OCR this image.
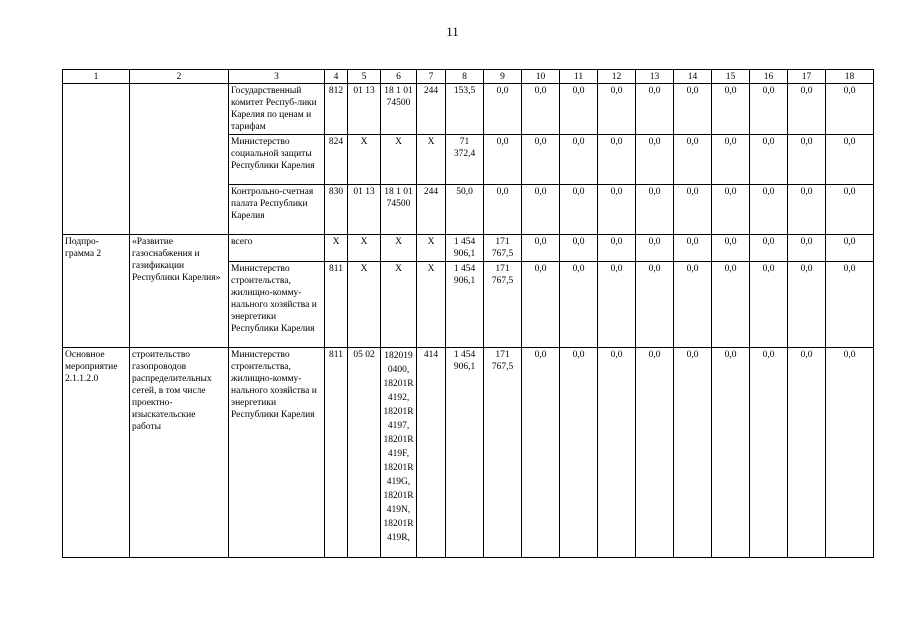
11
1	2	3	4	5	6	7	8	9	10	11	12	13	14	15	16	17	18
		Государственный комитет Респуб-лики Карелия по ценам и тарифам	812	01 13	18 1 01 74500	244	153,5	0,0	0,0	0,0	0,0	0,0	0,0	0,0	0,0	0,0	0,0
		Министерство социальной защиты Республики Карелия	824	X	X	X	71 372,4	0,0	0,0	0,0	0,0	0,0	0,0	0,0	0,0	0,0	0,0
		Контрольно-счетная палата Республики Карелия	830	01 13	18 1 01 74500	244	50,0	0,0	0,0	0,0	0,0	0,0	0,0	0,0	0,0	0,0	0,0
Подпро-грамма 2	«Развитие газоснабжения и газификации Республики Карелия»	всего	X	X	X	X	1 454 906,1	171 767,5	0,0	0,0	0,0	0,0	0,0	0,0	0,0	0,0	0,0
		Министерство строительства, жилищно-комму-нального хозяйства и энергетики Республики Карелия	811	X	X	X	1 454 906,1	171 767,5	0,0	0,0	0,0	0,0	0,0	0,0	0,0	0,0	0,0
Основное мероприятие 2.1.1.2.0	строительство газопроводов распределительных сетей, в том числе проектно-изыскательские работы	Министерство строительства, жилищно-комму-нального хозяйства и энергетики Республики Карелия	811	05 02	182019 0400, 18201R 4192, 18201R 4197, 18201R 419F, 18201R 419G, 18201R 419N, 18201R 419R,	414	1 454 906,1	171 767,5	0,0	0,0	0,0	0,0	0,0	0,0	0,0	0,0	0,0
